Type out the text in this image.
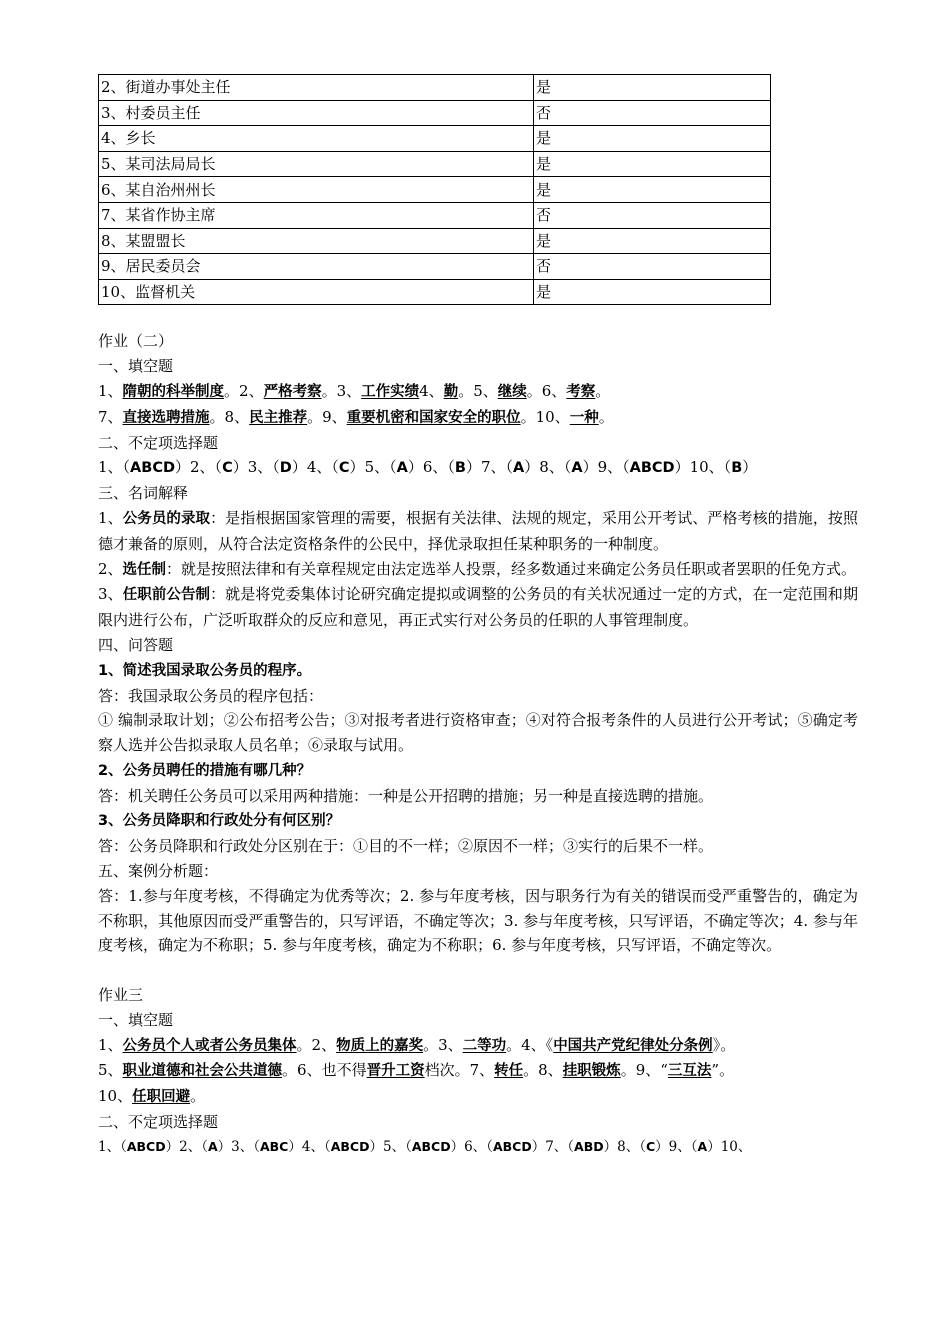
2、街道办事处主任	是
3、村委员主任	否
4、乡长	是
5、某司法局局长	是
6、某自治州州长	是
7、某省作协主席	否
8、某盟盟长	是
9、居民委员会	否
10、监督机关	是

作业（二）

一、填空题

1、隋朝的科举制度。2、严格考察。3、工作实绩4、勤。5、继续。6、考察。

7、直接选聘措施。8、民主推荐。9、重要机密和国家安全的职位。10、一种。

二、不定项选择题

1、（ABCD）2、（C）3、（D）4、（C）5、（A）6、（B）7、（A）8、（A）9、（ABCD）10、（B）

三、名词解释

1、公务员的录取：是指根据国家管理的需要，根据有关法律、法规的规定，采用公开考试、严格考核的措施，按照德才兼备的原则，从符合法定资格条件的公民中，择优录取担任某种职务的一种制度。

2、选任制：就是按照法律和有关章程规定由法定选举人投票，经多数通过来确定公务员任职或者罢职的任免方式。

3、任职前公告制：就是将党委集体讨论研究确定提拟或调整的公务员的有关状况通过一定的方式，在一定范围和期限内进行公布，广泛听取群众的反应和意见，再正式实行对公务员的任职的人事管理制度。

四、问答题

1、简述我国录取公务员的程序。

答：我国录取公务员的程序包括：

① 编制录取计划；②公布招考公告；③对报考者进行资格审查；④对符合报考条件的人员进行公开考试；⑤确定考察人选并公告拟录取人员名单；⑥录取与试用。

2、公务员聘任的措施有哪几种？

答：机关聘任公务员可以采用两种措施：一种是公开招聘的措施；另一种是直接选聘的措施。

3、公务员降职和行政处分有何区别？

答：公务员降职和行政处分区别在于：①目的不一样；②原因不一样；③实行的后果不一样。

五、案例分析题：

答：1.参与年度考核，不得确定为优秀等次；2. 参与年度考核，因与职务行为有关的错误而受严重警告的，确定为不称职，其他原因而受严重警告的，只写评语，不确定等次；3. 参与年度考核，只写评语，不确定等次；4. 参与年度考核，确定为不称职；5. 参与年度考核，确定为不称职；6. 参与年度考核，只写评语，不确定等次。

作业三

一、填空题

1、公务员个人或者公务员集体。2、物质上的嘉奖。3、二等功。4、《中国共产党纪律处分条例》。

5、职业道德和社会公共道德。6、也不得晋升工资档次。7、转任。8、挂职锻炼。9、“三互法”。

10、任职回避。

二、不定项选择题

1、（ABCD）2、（A）3、（ABC）4、（ABCD）5、（ABCD）6、（ABCD）7、（ABD）8、（C）9、（A）10、
